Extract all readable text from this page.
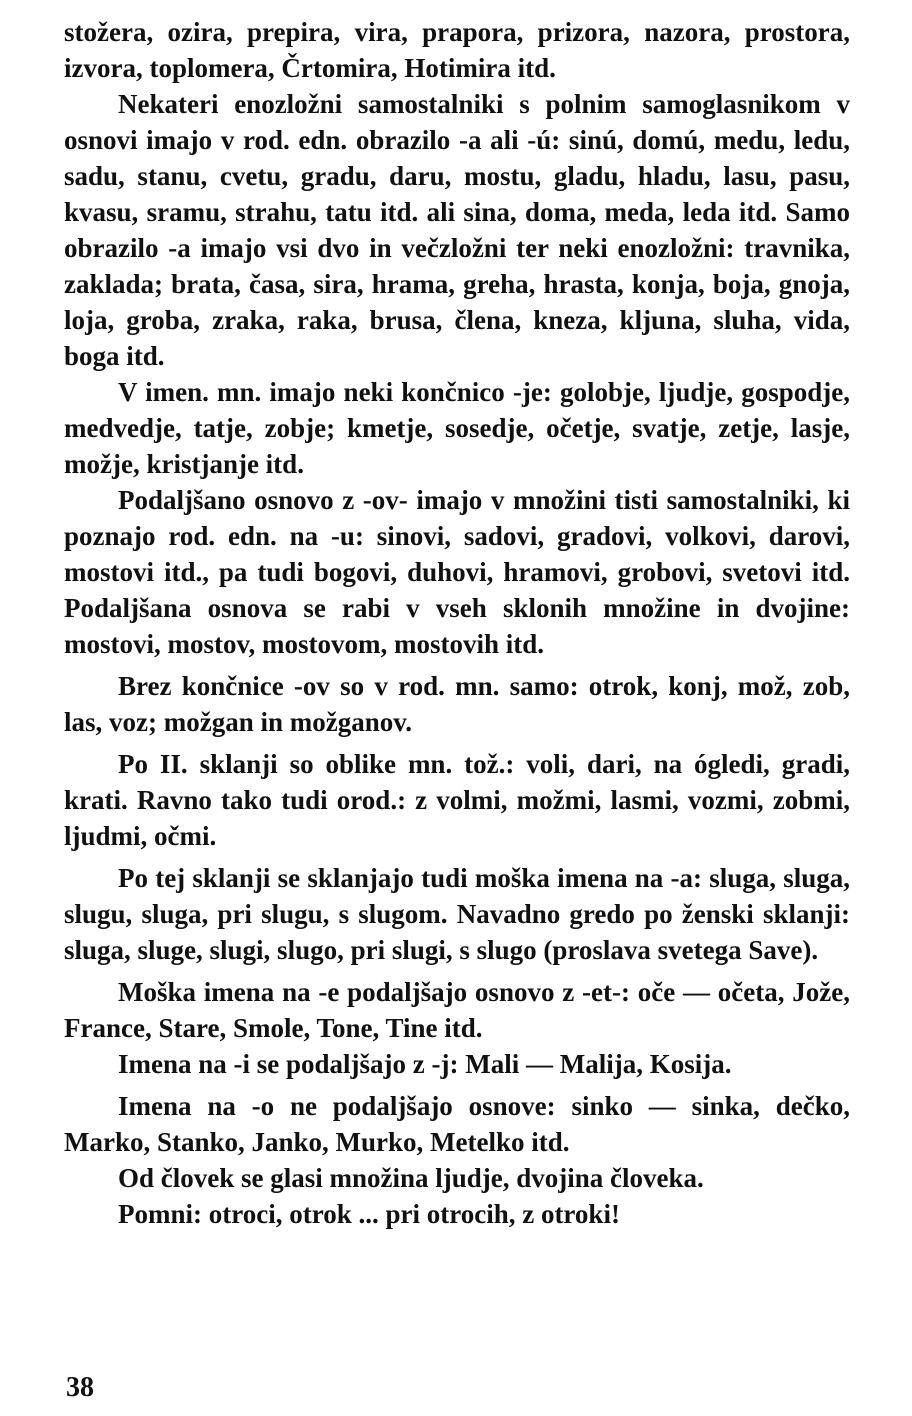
stožera, ozira, prepira, vira, prapora, prizora, nazora, prostora, izvora, toplomera, Črtomira, Hotimira itd.

Nekateri enozložni samostalniki s polnim samoglasnikom v osnovi imajo v rod. edn. obrazilo -a ali -ú: sinú, domú, medu, ledu, sadu, stanu, cvetu, gradu, daru, mostu, gladu, hladu, lasu, pasu, kvasu, sramu, strahu, tatu itd. ali sina, doma, meda, leda itd. Samo obrazilo -a imajo vsi dvo in večzložni ter neki enozložni: travnika, zaklada; brata, časa, sira, hrama, greha, hrasta, konja, boja, gnoja, loja, groba, zraka, raka, brusa, člena, kneza, kljuna, sluha, vida, boga itd.

V imen. mn. imajo neki končnico -je: golobje, ljudje, gospodje, medvedje, tatje, zobje; kmetje, sosedje, očetje, svatje, zetje, lasje, možje, kristjanje itd.

Podaljšano osnovo z -ov- imajo v množini tisti samostalniki, ki poznajo rod. edn. na -u: sinovi, sadovi, gradovi, volkovi, darovi, mostovi itd., pa tudi bogovi, duhovi, hramovi, grobovi, svetovi itd. Podaljšana osnova se rabi v vseh sklonih množine in dvojine: mostovi, mostov, mostovom, mostovih itd.

Brez končnice -ov so v rod. mn. samo: otrok, konj, mož, zob, las, voz; možgan in možganov.

Po II. sklanji so oblike mn. tož.: voli, dari, na ógledi, gradi, krati. Ravno tako tudi orod.: z volmi, možmi, lasmi, vozmi, zobmi, ljudmi, očmi.

Po tej sklanji se sklanjajo tudi moška imena na -a: sluga, sluga, slugu, sluga, pri slugu, s slugom. Navadno gredo po ženski sklanji: sluga, sluge, slugi, slugo, pri slugi, s slugo (proslava svetega Save).

Moška imena na -e podaljšajo osnovo z -et-: oče — očeta, Jože, France, Stare, Smole, Tone, Tine itd.

Imena na -i se podaljšajo z -j: Mali — Malija, Kosija.

Imena na -o ne podaljšajo osnove: sinko — sinka, dečko, Marko, Stanko, Janko, Murko, Metelko itd.

Od človek se glasi množina ljudje, dvojina človeka.

Pomni: otroci, otrok ... pri otrocih, z otroki!

38
